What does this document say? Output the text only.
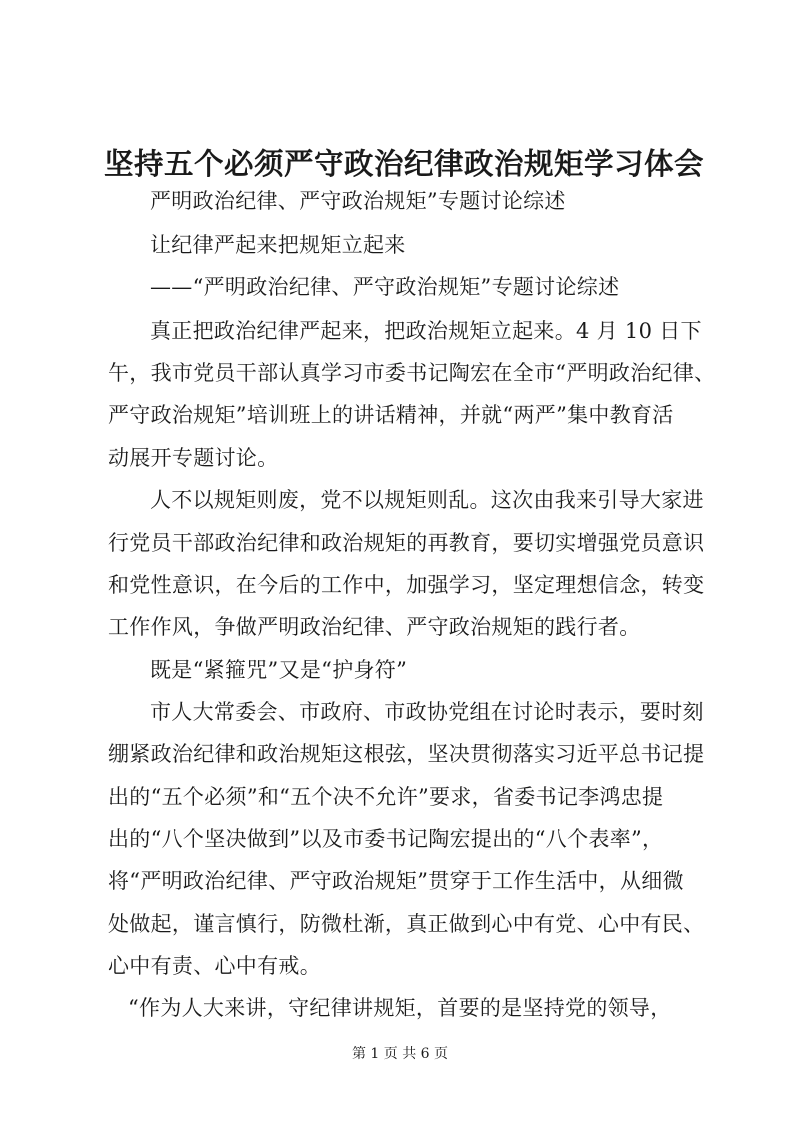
坚持五个必须严守政治纪律政治规矩学习体会
严明政治纪律、严守政治规矩”专题讨论综述
让纪律严起来把规矩立起来
——“严明政治纪律、严守政治规矩”专题讨论综述
真正把政治纪律严起来，把政治规矩立起来。4 月 10 日下
午，我市党员干部认真学习市委书记陶宏在全市“严明政治纪律、
严守政治规矩”培训班上的讲话精神，并就“两严”集中教育活
动展开专题讨论。
人不以规矩则废，党不以规矩则乱。这次由我来引导大家进
行党员干部政治纪律和政治规矩的再教育，要切实增强党员意识
和党性意识，在今后的工作中，加强学习，坚定理想信念，转变
工作作风，争做严明政治纪律、严守政治规矩的践行者。
既是“紧箍咒”又是“护身符”
市人大常委会、市政府、市政协党组在讨论时表示，要时刻
绷紧政治纪律和政治规矩这根弦，坚决贯彻落实习近平总书记提
出的“五个必须”和“五个决不允许”要求，省委书记李鸿忠提
出的“八个坚决做到”以及市委书记陶宏提出的“八个表率”，
将“严明政治纪律、严守政治规矩”贯穿于工作生活中，从细微
处做起，谨言慎行，防微杜渐，真正做到心中有党、心中有民、
心中有责、心中有戒。
“作为人大来讲，守纪律讲规矩，首要的是坚持党的领导，
第 1 页 共 6 页
